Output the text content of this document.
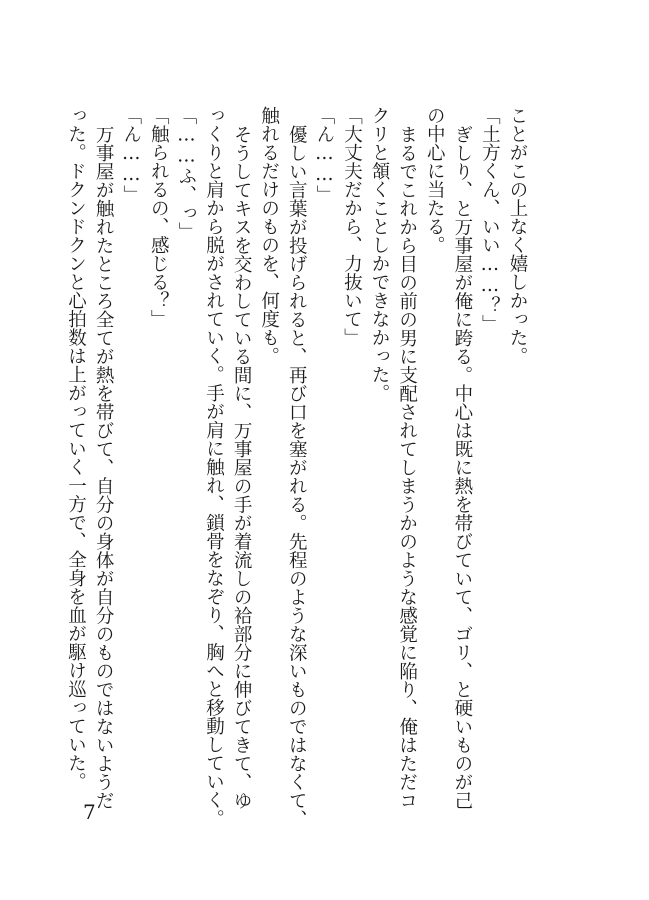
ことがこの上なく嬉しかった。

「土方くん、いい……？」

ぎしり、と万事屋が俺に跨る。中心は既に熱を帯びていて、ゴリ、と硬いものが己

の中心に当たる。

まるでこれから目の前の男に支配されてしまうかのような感覚に陥り、俺はただコ

クリと頷くことしかできなかった。

「大丈夫だから、力抜いて」

「ん……」

優しい言葉が投げられると、再び口を塞がれる。先程のような深いものではなくて、

触れるだけのものを、何度も。

そうしてキスを交わしている間に、万事屋の手が着流しの袷部分に伸びてきて、ゆ

っくりと肩から脱がされていく。手が肩に触れ、鎖骨をなぞり、胸へと移動していく。

「……ふ、っ」

「触られるの、感じる？」

「ん……」

万事屋が触れたところ全てが熱を帯びて、自分の身体が自分のものではないようだ

った。ドクンドクンと心拍数は上がっていく一方で、全身を血が駆け巡っていた。

7
